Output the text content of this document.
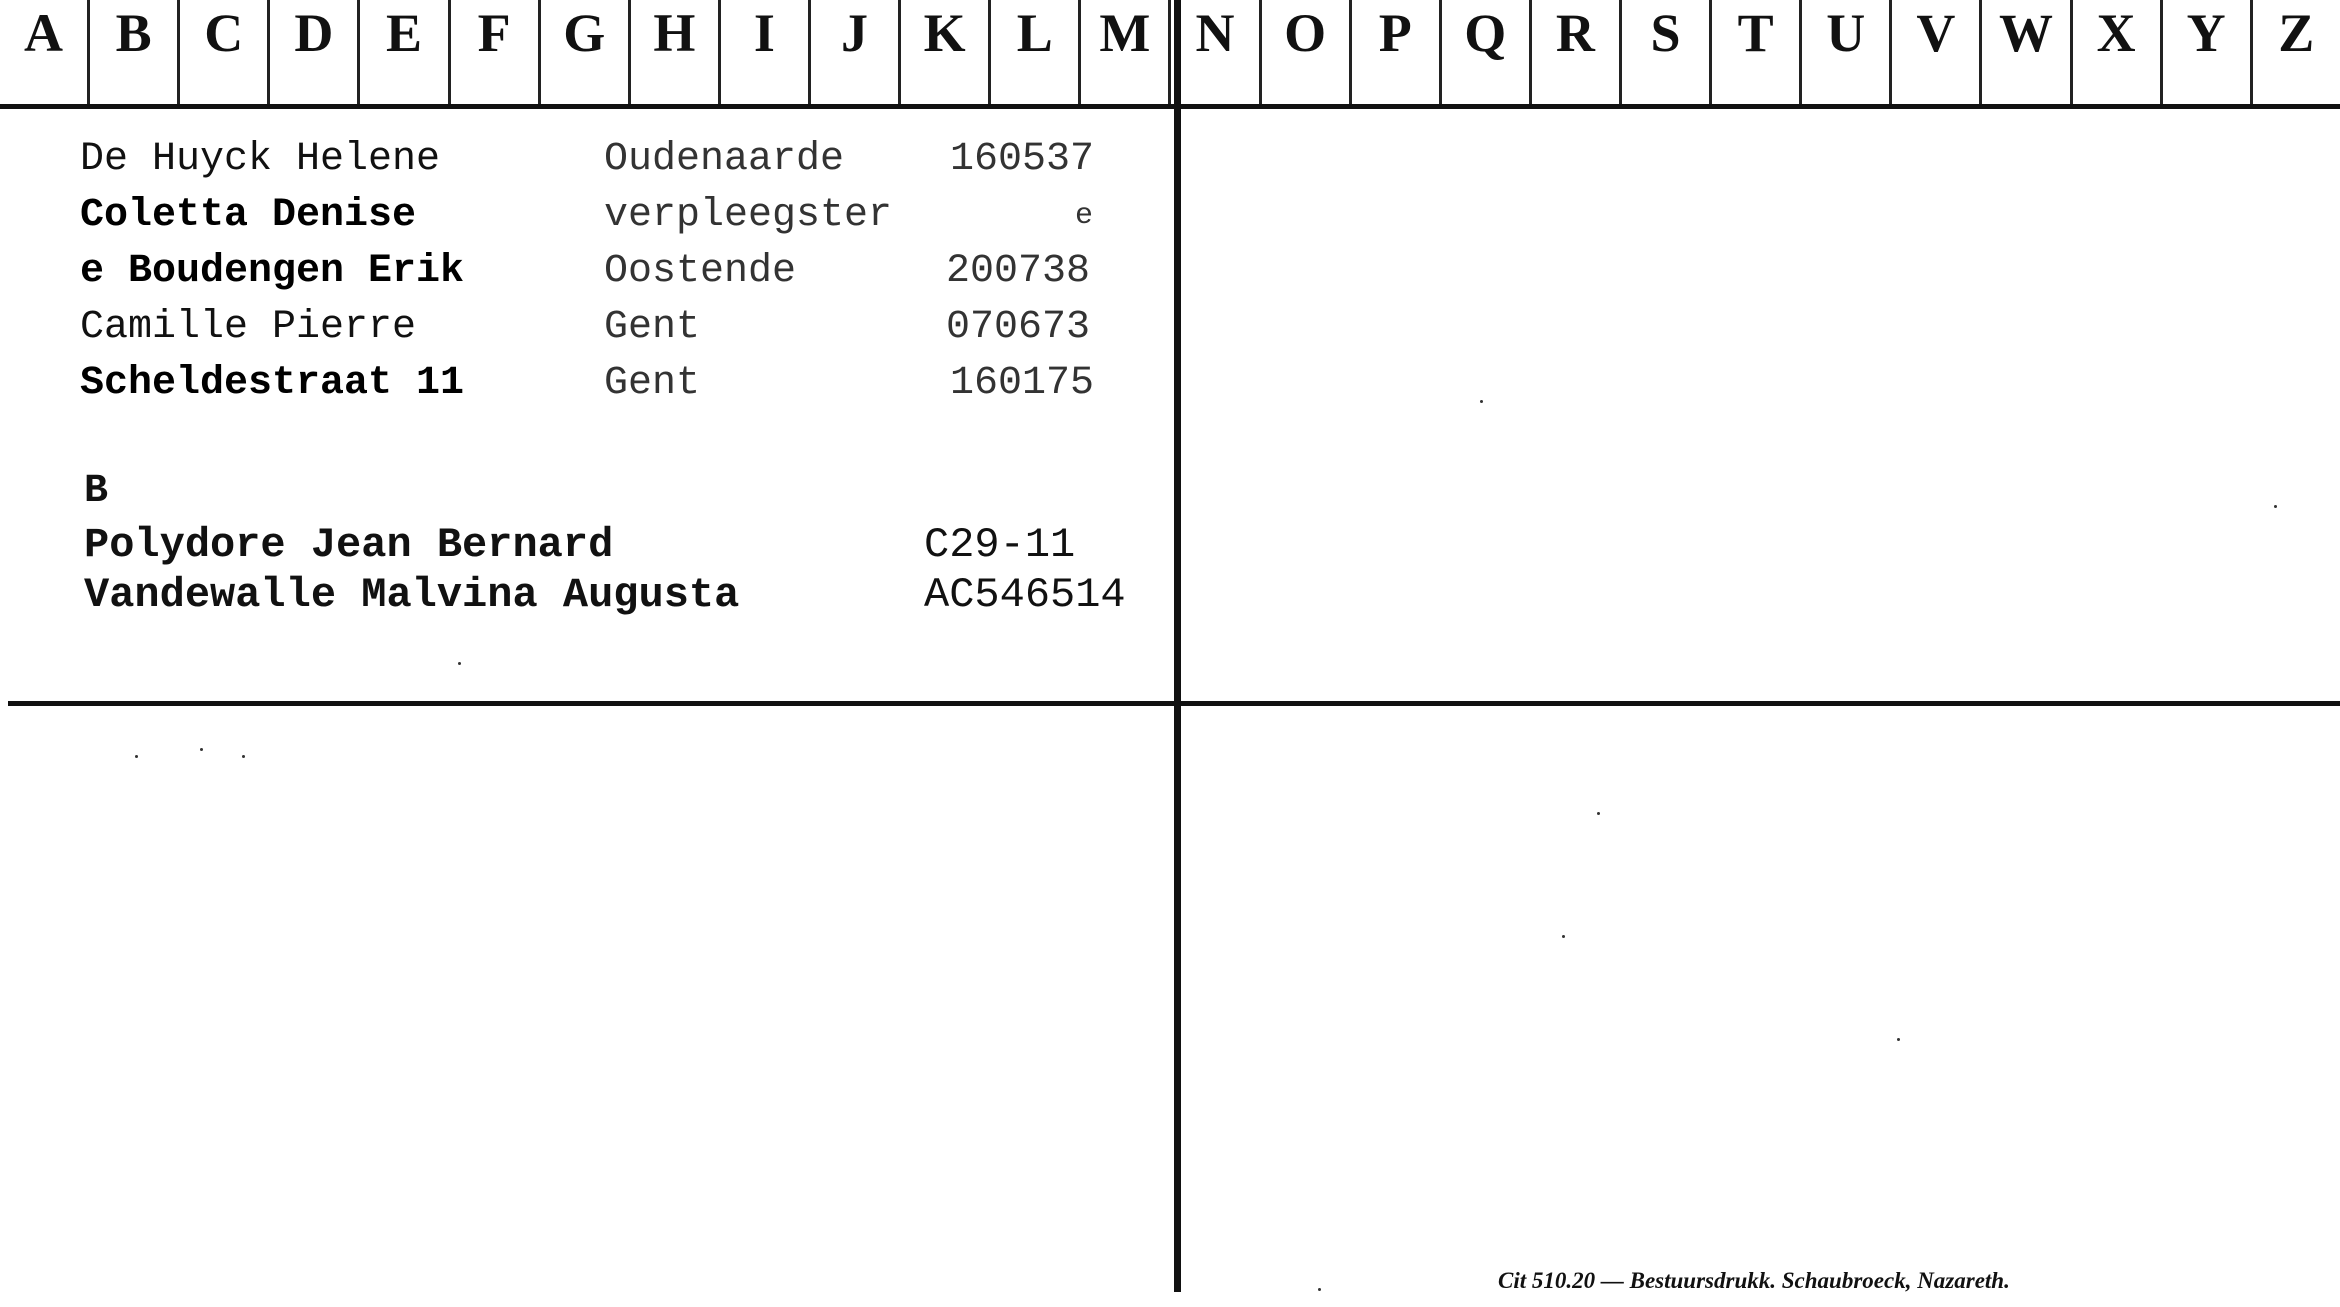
A B C D E	F G H	I	J	K L M N O P Q R	S	T U V W X Y Z
De Huyck Helene	Oudenaarde	160537
Coletta Denise	verpleegster	e
e Boudengen Erik	Oostende	200738
Camille Pierre	Gent	070673
Scheldestraat 11	Gent	160175
B
Polydore Jean Bernard	C29-11
Vandewalle Malvina Augusta	AC546514
Cit 510.20 — Bestuursdrukk. Schaubroeck, Nazareth.
